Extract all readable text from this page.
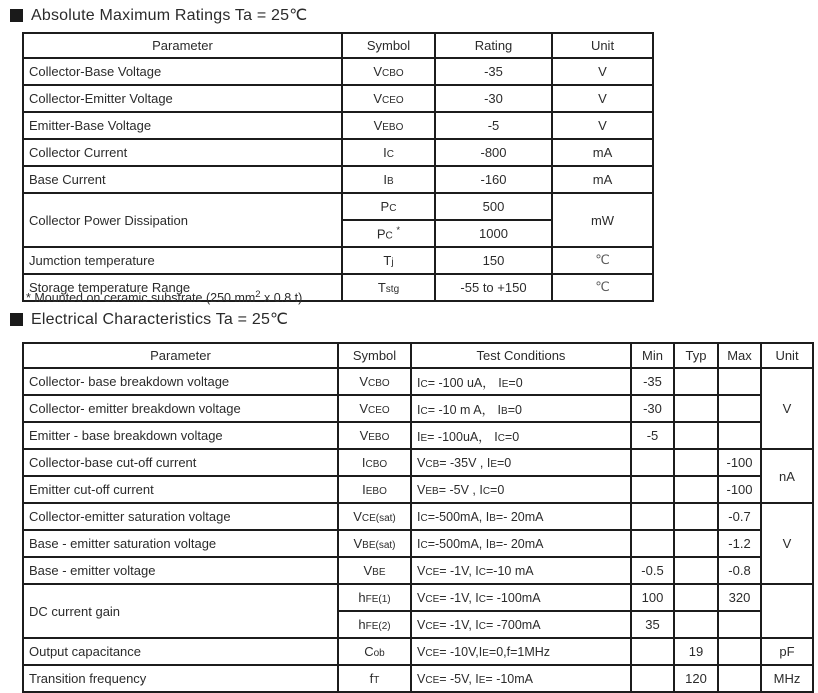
Absolute Maximum Ratings Ta = 25℃
Parameter	Symbol	Rating	Unit
Collector-Base Voltage	VCBO	-35	V
Collector-Emitter Voltage	VCEO	-30	V
Emitter-Base Voltage	VEBO	-5	V
Collector Current	IC	-800	mA
Base Current	IB	-160	mA
Collector Power Dissipation	PC	500	mW
	PC *	1000	
Jumction temperature	Tj	150	℃
Storage temperature Range	Tstg	-55 to +150	℃
* Mounted on ceramic substrate (250 $mm^2$ x 0.8 t)
Electrical Characteristics Ta = 25℃
Parameter	Symbol	Test Conditions	Min	Typ	Max	Unit
Collector- base breakdown voltage	VCBO	IC= -100 uA， IE=0	-35			V
Collector- emitter breakdown voltage	VCEO	IC= -10 m A， IB=0	-30			
Emitter - base breakdown voltage	VEBO	IE= -100uA， IC=0	-5			
Collector-base cut-off current	ICBO	VCB= -35V , IE=0			-100	nA
Emitter cut-off current	IEBO	VEB= -5V , IC=0			-100	
Collector-emitter saturation voltage	VCE(sat)	IC=-500mA, IB=- 20mA			-0.7	V
Base - emitter saturation voltage	VBE(sat)	IC=-500mA, IB=- 20mA			-1.2	
Base - emitter voltage	VBE	VCE= -1V, IC=-10 mA	-0.5		-0.8	
DC current gain	hFE(1)	VCE= -1V, IC= -100mA	100		320	
	hFE(2)	VCE= -1V, IC= -700mA	35			
Output capacitance	Cob	VCE= -10V,IE=0,f=1MHz		19		pF
Transition frequency	fT	VCE= -5V, IE= -10mA		120		MHz
